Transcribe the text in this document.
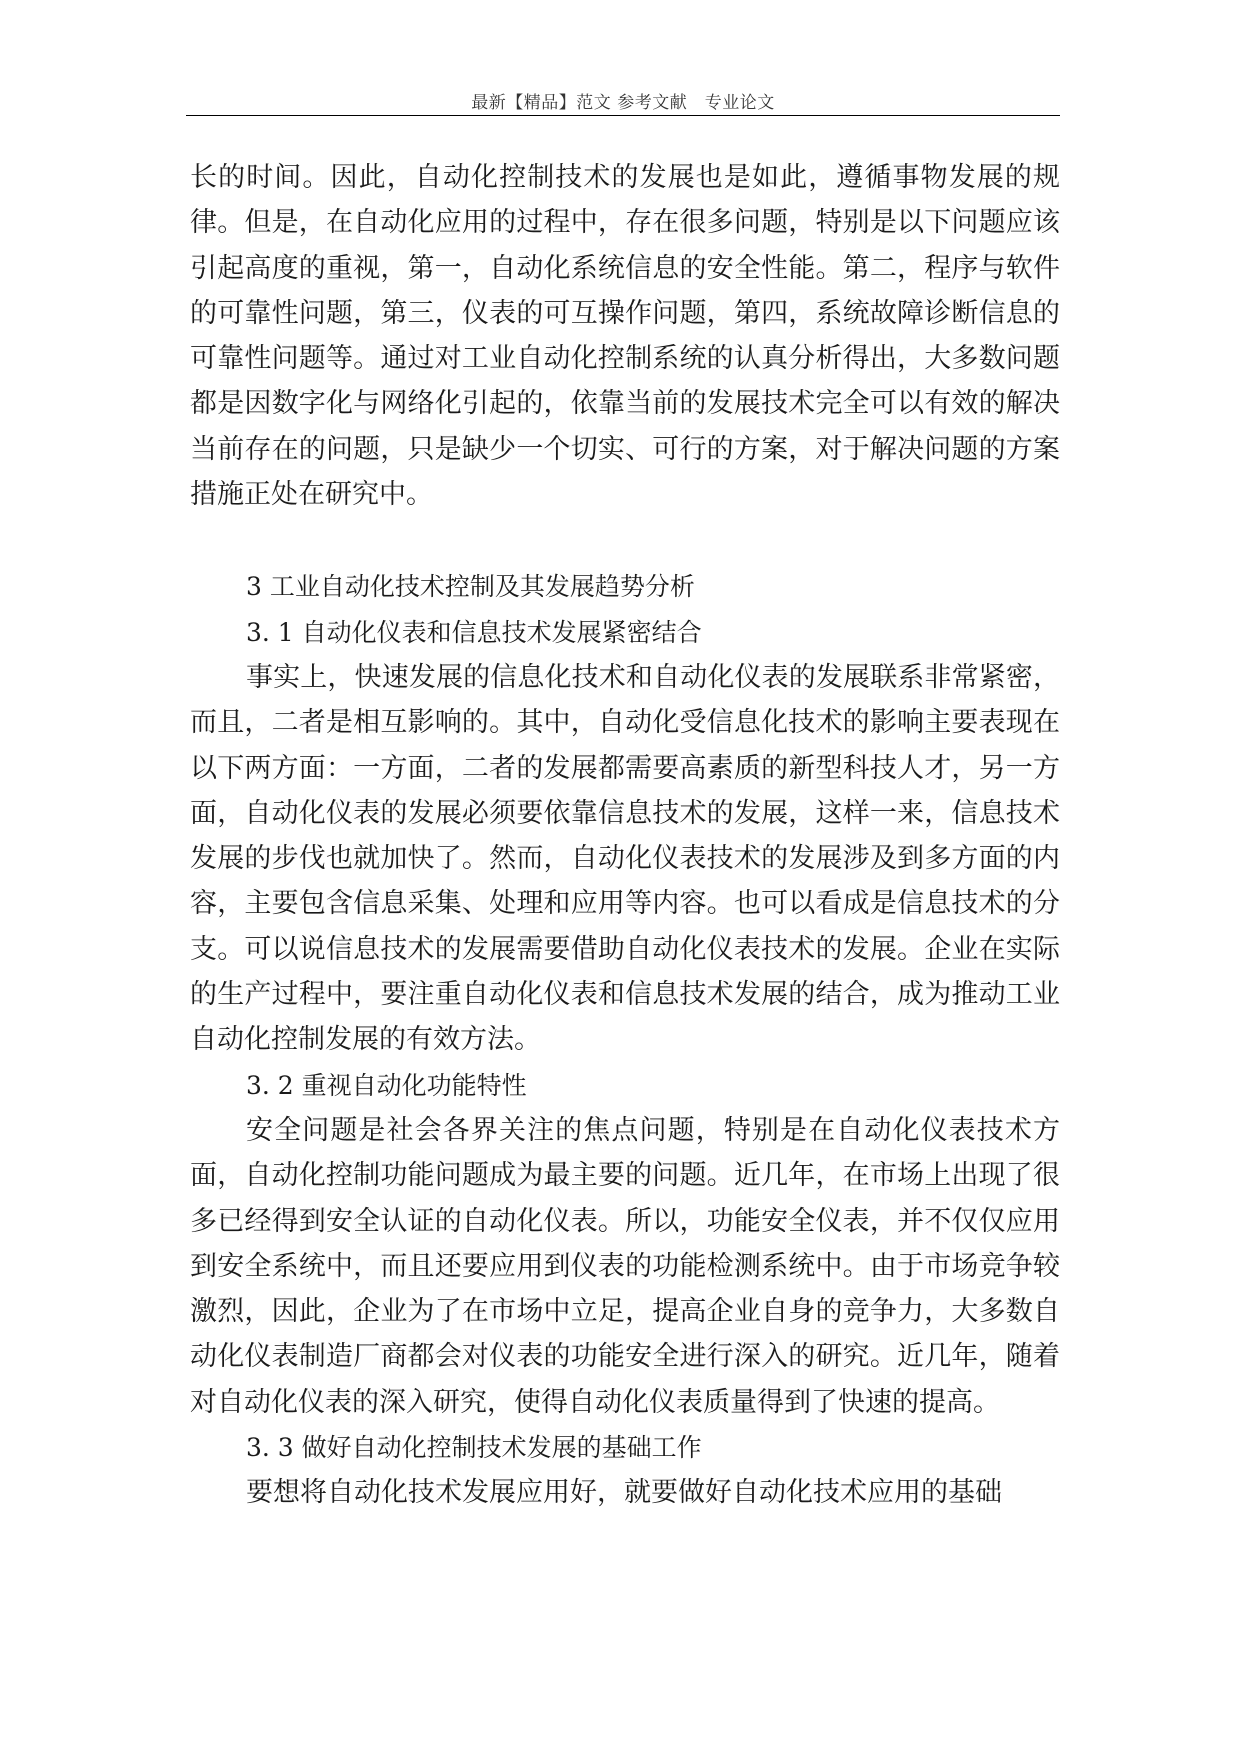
最新【精品】范文 参考文献　专业论文

长的时间。因此，自动化控制技术的发展也是如此，遵循事物发展的规律。但是，在自动化应用的过程中，存在很多问题，特别是以下问题应该引起高度的重视，第一，自动化系统信息的安全性能。第二，程序与软件的可靠性问题，第三，仪表的可互操作问题，第四，系统故障诊断信息的可靠性问题等。通过对工业自动化控制系统的认真分析得出，大多数问题都是因数字化与网络化引起的，依靠当前的发展技术完全可以有效的解决当前存在的问题，只是缺少一个切实、可行的方案，对于解决问题的方案措施正处在研究中。

3 工业自动化技术控制及其发展趋势分析

3. 1 自动化仪表和信息技术发展紧密结合

事实上，快速发展的信息化技术和自动化仪表的发展联系非常紧密，而且，二者是相互影响的。其中，自动化受信息化技术的影响主要表现在以下两方面：一方面，二者的发展都需要高素质的新型科技人才，另一方面，自动化仪表的发展必须要依靠信息技术的发展，这样一来，信息技术发展的步伐也就加快了。然而，自动化仪表技术的发展涉及到多方面的内容，主要包含信息采集、处理和应用等内容。也可以看成是信息技术的分支。可以说信息技术的发展需要借助自动化仪表技术的发展。企业在实际的生产过程中，要注重自动化仪表和信息技术发展的结合，成为推动工业自动化控制发展的有效方法。

3. 2 重视自动化功能特性

安全问题是社会各界关注的焦点问题，特别是在自动化仪表技术方面，自动化控制功能问题成为最主要的问题。近几年，在市场上出现了很多已经得到安全认证的自动化仪表。所以，功能安全仪表，并不仅仅应用到安全系统中，而且还要应用到仪表的功能检测系统中。由于市场竞争较激烈，因此，企业为了在市场中立足，提高企业自身的竞争力，大多数自动化仪表制造厂商都会对仪表的功能安全进行深入的研究。近几年，随着对自动化仪表的深入研究，使得自动化仪表质量得到了快速的提高。

3. 3 做好自动化控制技术发展的基础工作

要想将自动化技术发展应用好，就要做好自动化技术应用的基础
